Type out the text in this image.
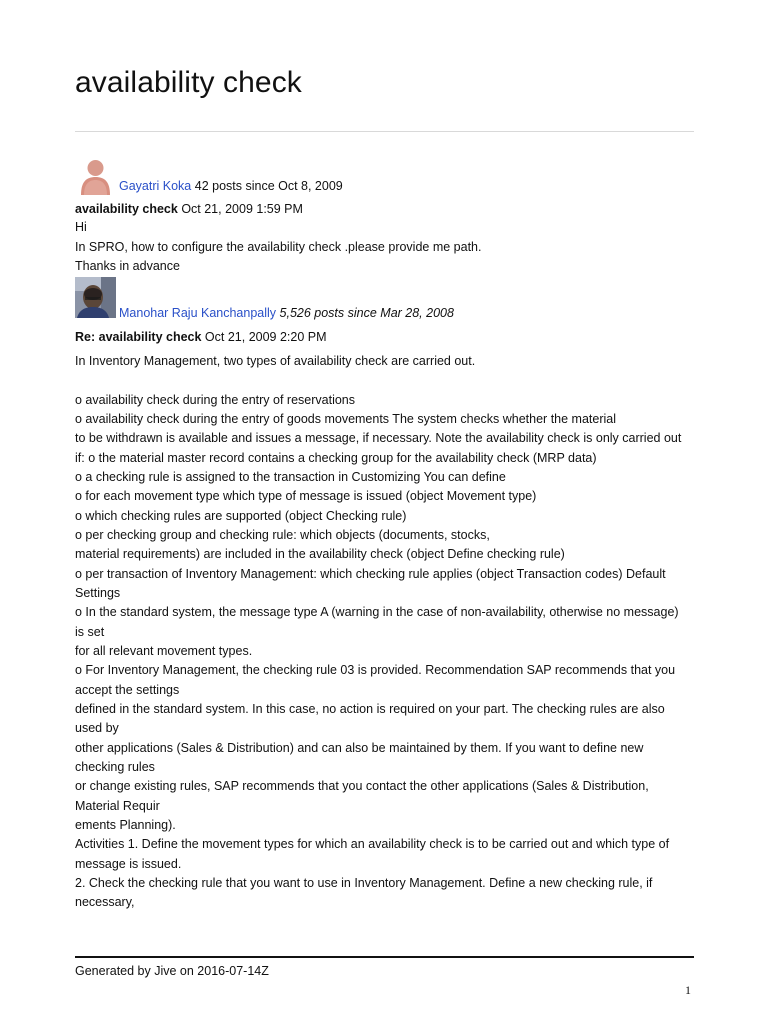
availability check
Gayatri Koka 42 posts since Oct 8, 2009
availability check Oct 21, 2009 1:59 PM
Hi
In SPRO, how to configure the availability check .please provide me path.
Thanks in advance
Manohar Raju Kanchanpally 5,526 posts since Mar 28, 2008
Re: availability check Oct 21, 2009 2:20 PM
In Inventory Management, two types of availability check are carried out.
o availability check during the entry of reservations
o availability check during the entry of goods movements The system checks whether the material
to be withdrawn is available and issues a message, if necessary. Note the availability check is only carried out
if: o the material master record contains a checking group for the availability check (MRP data)
o a checking rule is assigned to the transaction in Customizing You can define
o for each movement type which type of message is issued (object Movement type)
o which checking rules are supported (object Checking rule)
o per checking group and checking rule: which objects (documents, stocks,
material requirements) are included in the availability check (object Define checking rule)
o per transaction of Inventory Management: which checking rule applies (object Transaction codes) Default
Settings
o In the standard system, the message type A (warning in the case of non-availability, otherwise no message)
is set
for all relevant movement types.
o For Inventory Management, the checking rule 03 is provided. Recommendation SAP recommends that you
accept the settings
defined in the standard system. In this case, no action is required on your part. The checking rules are also
used by
other applications (Sales & Distribution) and can also be maintained by them. If you want to define new
checking rules
or change existing rules, SAP recommends that you contact the other applications (Sales & Distribution,
Material Requir
ements Planning).
Activities 1. Define the movement types for which an availability check is to be carried out and which type of
message is issued.
2. Check the checking rule that you want to use in Inventory Management. Define a new checking rule, if
necessary,
Generated by Jive on 2016-07-14Z
1
